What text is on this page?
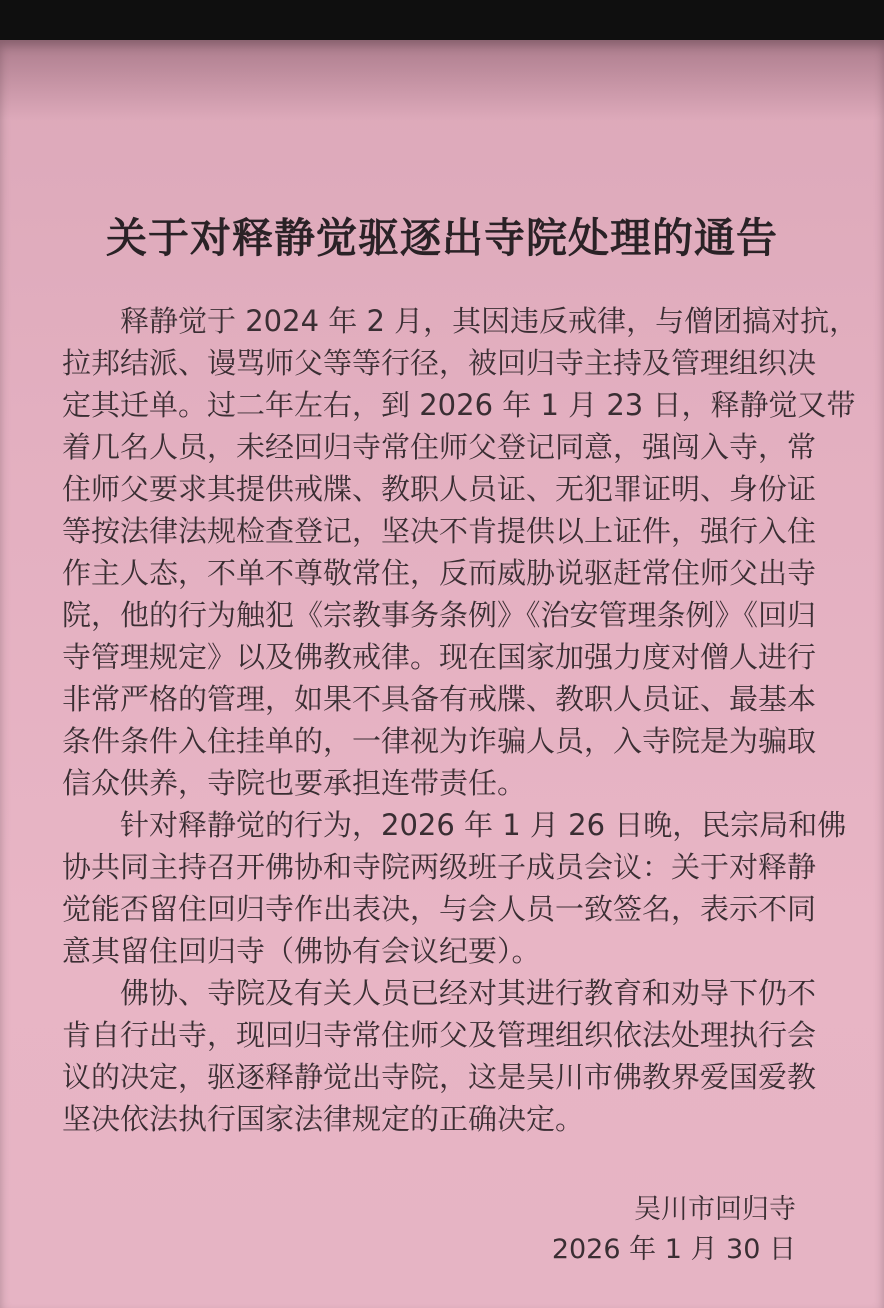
关于对释静觉驱逐出寺院处理的通告
释静觉于 2024 年 2 月，其因违反戒律，与僧团搞对抗，
拉邦结派、谩骂师父等等行径，被回归寺主持及管理组织决
定其迁单。过二年左右，到 2026 年 1 月 23 日，释静觉又带
着几名人员，未经回归寺常住师父登记同意，强闯入寺，常
住师父要求其提供戒牒、教职人员证、无犯罪证明、身份证
等按法律法规检查登记，坚决不肯提供以上证件，强行入住
作主人态，不单不尊敬常住，反而威胁说驱赶常住师父出寺
院，他的行为触犯《宗教事务条例》《治安管理条例》《回归
寺管理规定》以及佛教戒律。现在国家加强力度对僧人进行
非常严格的管理，如果不具备有戒牒、教职人员证、最基本
条件条件入住挂单的，一律视为诈骗人员，入寺院是为骗取
信众供养，寺院也要承担连带责任。
针对释静觉的行为，2026 年 1 月 26 日晚，民宗局和佛
协共同主持召开佛协和寺院两级班子成员会议：关于对释静
觉能否留住回归寺作出表决，与会人员一致签名，表示不同
意其留住回归寺（佛协有会议纪要）。
佛协、寺院及有关人员已经对其进行教育和劝导下仍不
肯自行出寺，现回归寺常住师父及管理组织依法处理执行会
议的决定，驱逐释静觉出寺院，这是吴川市佛教界爱国爱教
坚决依法执行国家法律规定的正确决定。
吴川市回归寺
2026 年 1 月 30 日
